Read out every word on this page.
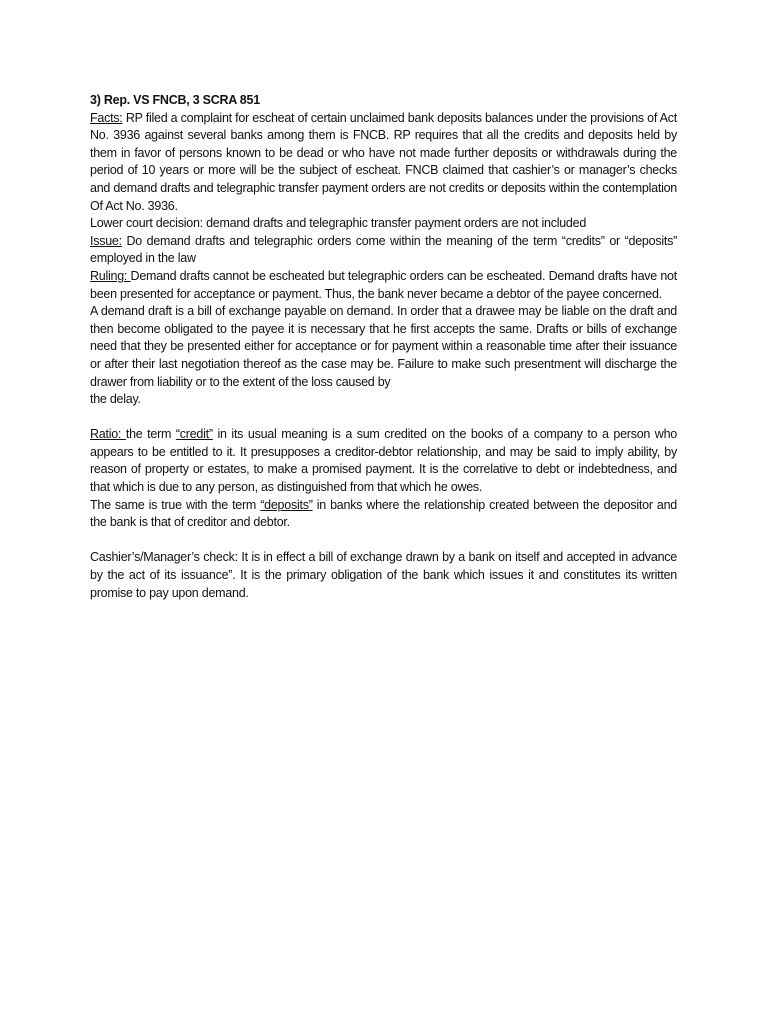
3) Rep. VS FNCB, 3 SCRA 851

Facts: RP filed a complaint for escheat of certain unclaimed bank deposits balances under the provisions of Act No. 3936 against several banks among them is FNCB. RP requires that all the credits and deposits held by them in favor of persons known to be dead or who have not made further deposits or withdrawals during the period of 10 years or more will be the subject of escheat. FNCB claimed that cashier’s or manager’s checks and demand drafts and telegraphic transfer payment orders are not credits or deposits within the contemplation Of Act No. 3936.

Lower court decision: demand drafts and telegraphic transfer payment orders are not included

Issue: Do demand drafts and telegraphic orders come within the meaning of the term “credits” or “deposits” employed in the law

Ruling: Demand drafts cannot be escheated but telegraphic orders can be escheated. Demand drafts have not been presented for acceptance or payment. Thus, the bank never became a debtor of the payee concerned.

A demand draft is a bill of exchange payable on demand. In order that a drawee may be liable on the draft and then become obligated to the payee it is necessary that he first accepts the same. Drafts or bills of exchange need that they be presented either for acceptance or for payment within a reasonable time after their issuance or after their last negotiation thereof as the case may be. Failure to make such presentment will discharge the drawer from liability or to the extent of the loss caused by

the delay.

Ratio: the term “credit” in its usual meaning is a sum credited on the books of a company to a person who appears to be entitled to it. It presupposes a creditor-debtor relationship, and may be said to imply ability, by reason of property or estates, to make a promised payment. It is the correlative to debt or indebtedness, and that which is due to any person, as distinguished from that which he owes.

The same is true with the term “deposits” in banks where the relationship created between the depositor and the bank is that of creditor and debtor.

Cashier’s/Manager’s check: It is in effect a bill of exchange drawn by a bank on itself and accepted in advance by the act of its issuance”. It is the primary obligation of the bank which issues it and constitutes its written promise to pay upon demand.
